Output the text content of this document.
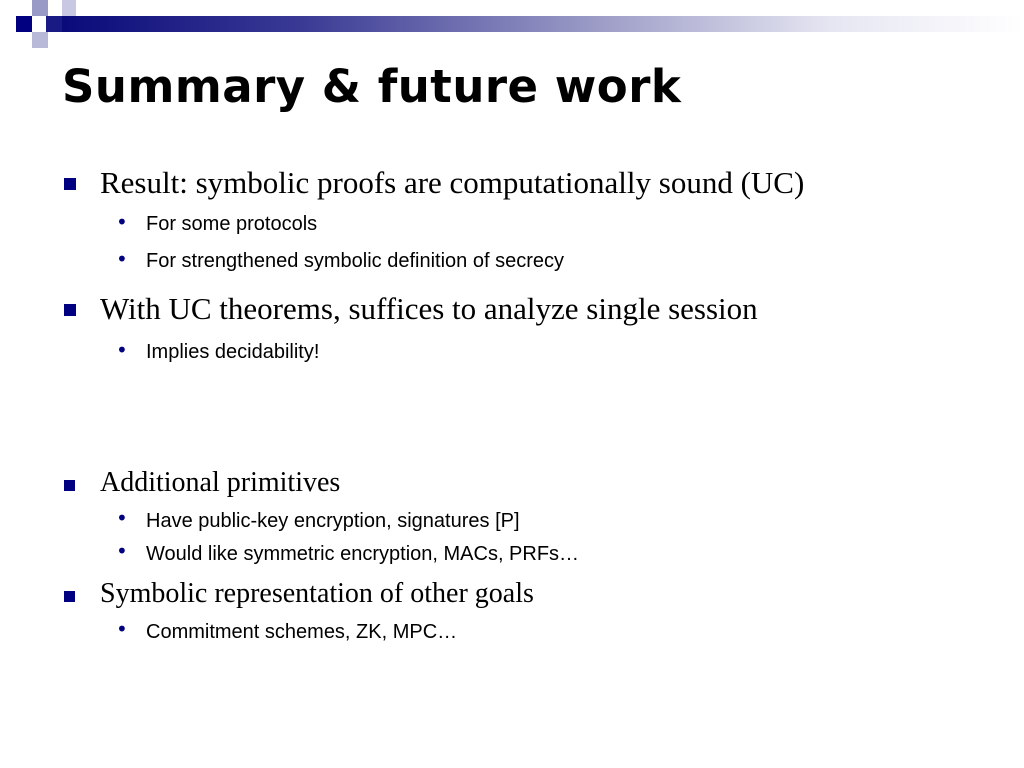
Summary & future work
Result: symbolic proofs are computationally sound (UC)
• For some protocols
• For strengthened symbolic definition of secrecy
With UC theorems, suffices to analyze single session
• Implies decidability!
Additional primitives
• Have public-key encryption, signatures [P]
• Would like symmetric encryption, MACs, PRFs…
Symbolic representation of other goals
• Commitment schemes, ZK, MPC…
